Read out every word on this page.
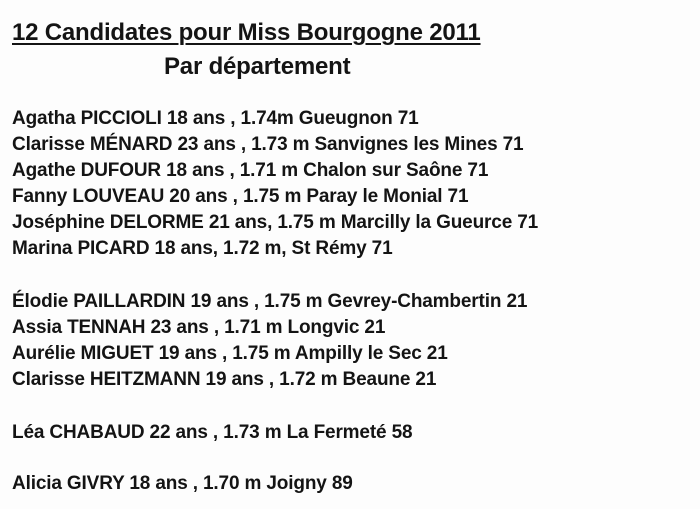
12 Candidates pour Miss Bourgogne 2011
Par département
Agatha PICCIOLI 18 ans , 1.74m Gueugnon 71
Clarisse MÉNARD 23 ans , 1.73 m Sanvignes les Mines 71
Agathe DUFOUR 18 ans , 1.71 m Chalon sur Saône 71
Fanny LOUVEAU 20 ans , 1.75 m Paray le Monial 71
Joséphine DELORME 21 ans, 1.75 m Marcilly la Gueurce 71
Marina PICARD 18 ans, 1.72 m, St Rémy 71
Élodie PAILLARDIN 19 ans , 1.75 m Gevrey-Chambertin 21
Assia TENNAH 23 ans , 1.71 m Longvic 21
Aurélie MIGUET 19 ans , 1.75 m Ampilly le Sec 21
Clarisse HEITZMANN 19 ans , 1.72 m Beaune 21
Léa CHABAUD 22 ans , 1.73 m La Fermeté 58
Alicia GIVRY 18 ans , 1.70 m Joigny 89
